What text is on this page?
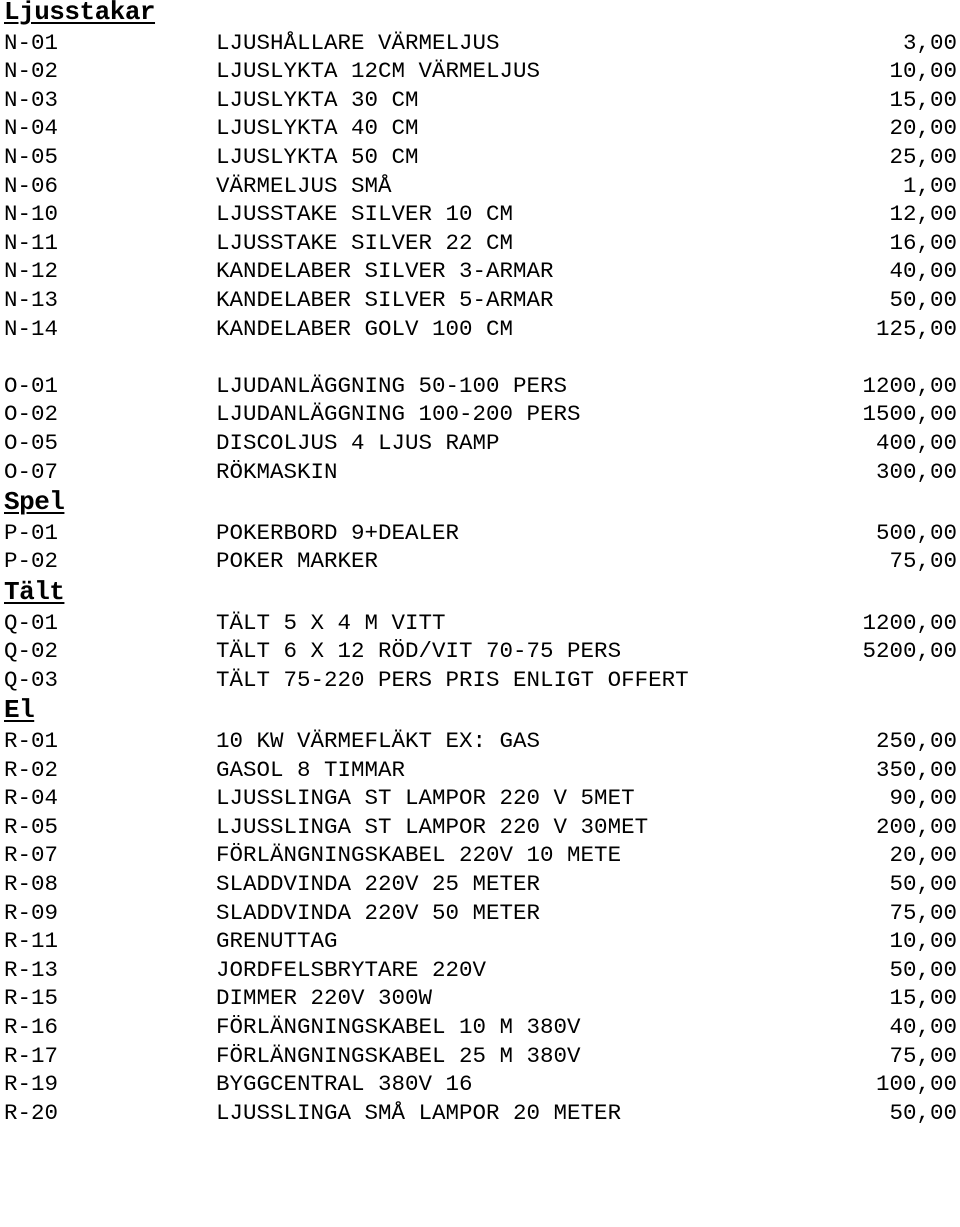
Ljusstakar
N-01	LJUSHÅLLARE VÄRMELJUS	3,00
N-02	LJUSLYKTA 12CM VÄRMELJUS	10,00
N-03	LJUSLYKTA 30 CM	15,00
N-04	LJUSLYKTA 40 CM	20,00
N-05	LJUSLYKTA 50 CM	25,00
N-06	VÄRMELJUS SMÅ	1,00
N-10	LJUSSTAKE SILVER 10 CM	12,00
N-11	LJUSSTAKE SILVER 22 CM	16,00
N-12	KANDELABER SILVER 3-ARMAR	40,00
N-13	KANDELABER SILVER 5-ARMAR	50,00
N-14	KANDELABER GOLV 100 CM	125,00
O-01	LJUDANLÄGGNING 50-100 PERS	1200,00
O-02	LJUDANLÄGGNING 100-200 PERS	1500,00
O-05	DISCOLJUS 4 LJUS RAMP	400,00
O-07	RÖKMASKIN	300,00
Spel
P-01	POKERBORD 9+DEALER	500,00
P-02	POKER MARKER	75,00
Tält
Q-01	TÄLT 5 X 4 M VITT	1200,00
Q-02	TÄLT 6 X 12 RÖD/VIT 70-75 PERS	5200,00
Q-03	TÄLT 75-220 PERS PRIS ENLIGT OFFERT
El
R-01	10 KW VÄRMEFLÄKT EX: GAS	250,00
R-02	GASOL 8 TIMMAR	350,00
R-04	LJUSSLINGA ST LAMPOR 220 V 5MET	90,00
R-05	LJUSSLINGA ST LAMPOR 220 V 30MET	200,00
R-07	FÖRLÄNGNINGSKABEL 220V 10 METE	20,00
R-08	SLADDVINDA 220V 25 METER	50,00
R-09	SLADDVINDA 220V 50 METER	75,00
R-11	GRENUTTAG	10,00
R-13	JORDFELSBRYTARE 220V	50,00
R-15	DIMMER 220V 300W	15,00
R-16	FÖRLÄNGNINGSKABEL 10 M 380V	40,00
R-17	FÖRLÄNGNINGSKABEL 25 M 380V	75,00
R-19	BYGGCENTRAL 380V 16	100,00
R-20	LJUSSLINGA SMÅ LAMPOR 20 METER	50,00
